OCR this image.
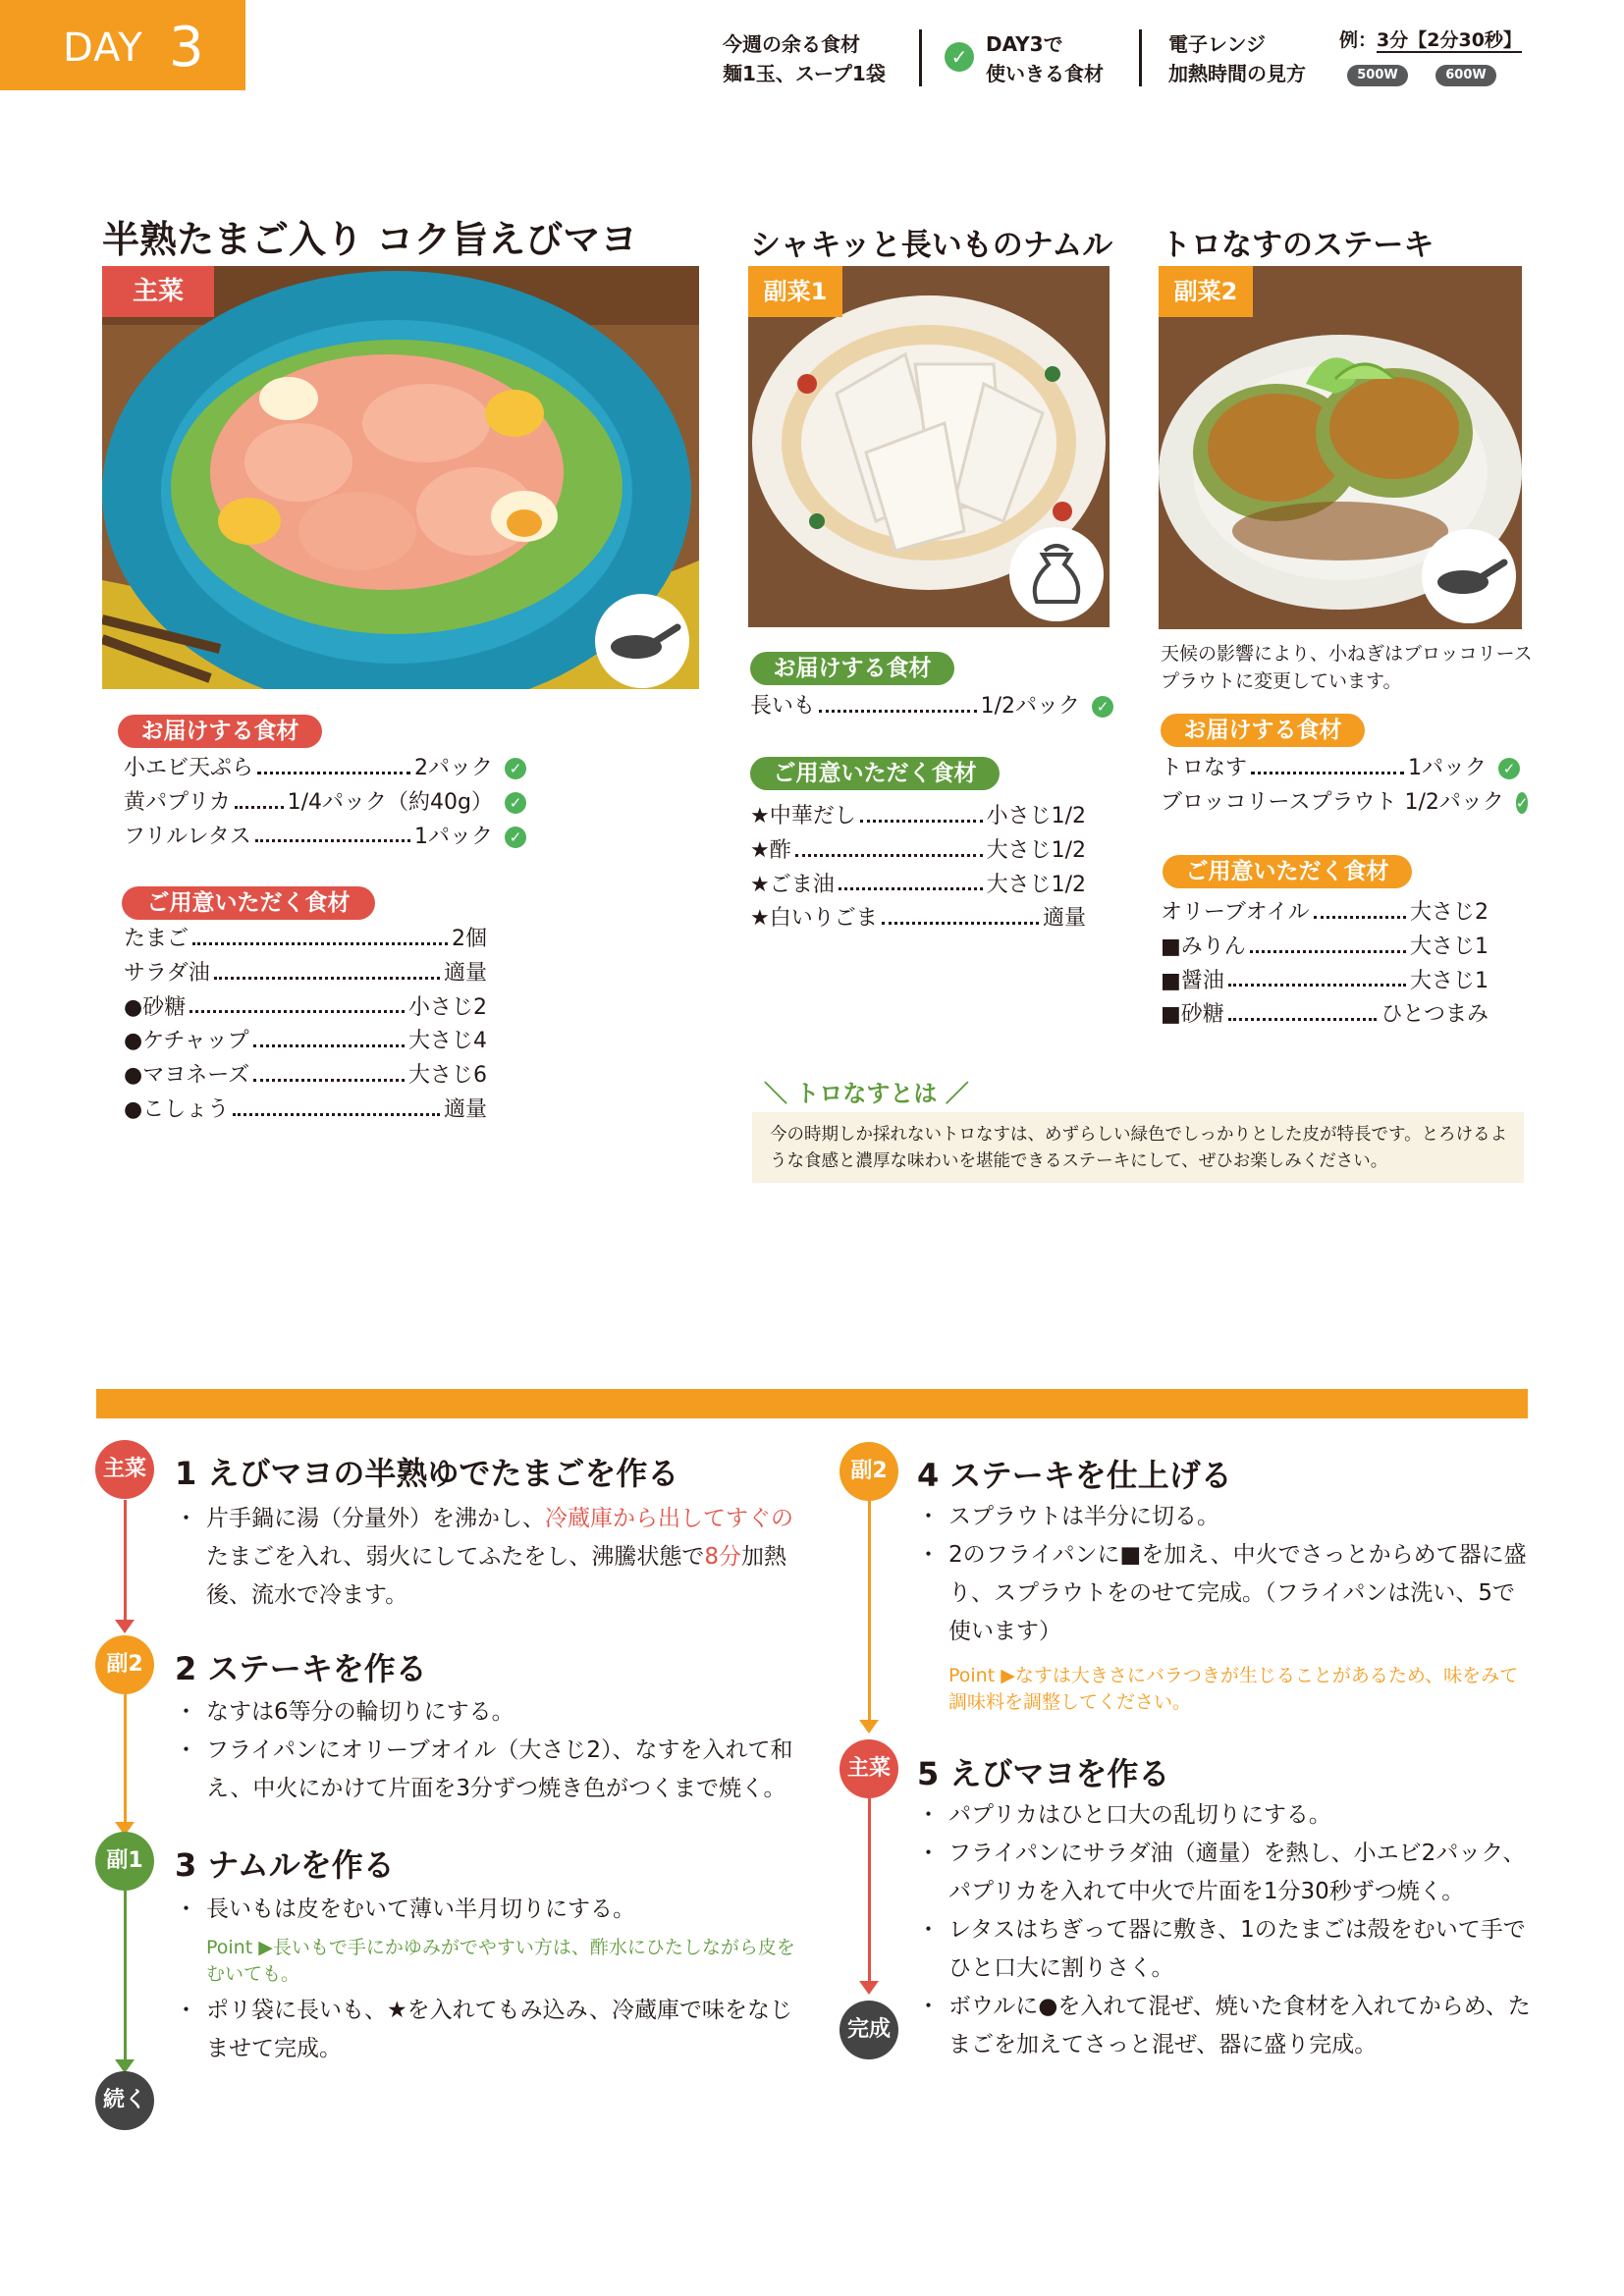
DAY 3	今週の余る食材
麺1玉、スープ1袋
✓
DAY3で
使いきる食材
電子レンジ
加熱時間の見方
例：3分【2分30秒】
500W	600W
半熟たまご入り コク旨えびマヨ	シャキッと長いものナムル トロなすのステーキ
主菜	副菜1	副菜2
お届けする食材
小エビ天ぷら	2パック	✓
黄パプリカ	1/4パック（約40g）	✓
フリルレタス	1パック	✓
ご用意いただく食材
たまご	2個
サラダ油	適量
●砂糖	小さじ2
●ケチャップ	大さじ4
●マヨネーズ	大さじ6
●こしょう	適量
お届けする食材
長いも	1/2パック	✓
ご用意いただく食材
★中華だし	小さじ1/2
★酢	大さじ1/2
★ごま油	大さじ1/2
★白いりごま	適量
天候の影響により、小ねぎはブロッコリースプラウトに変更しています。
お届けする食材
トロなす	1パック	✓
ブロッコリースプラウト 1/2パック ✓
ご用意いただく食材
オリーブオイル	大さじ2
■みりん	大さじ1
■醤油	大さじ1
■砂糖	ひとつまみ
＼ トロなすとは ／
今の時期しか採れないトロなすは、めずらしい緑色でしっかりとした皮が特長です。とろけるような食感と濃厚な味わいを堪能できるステーキにして、ぜひお楽しみください。
主菜
副2
副1
続く
副2
主菜
完成
1 えびマヨの半熟ゆでたまごを作る
・ 片手鍋に湯（分量外）を沸かし、冷蔵庫から出してすぐのたまごを入れ、弱火にしてふたをし、沸騰状態で8分加熱後、流水で冷ます。
2 ステーキを作る
・ なすは6等分の輪切りにする。
・ フライパンにオリーブオイル（大さじ2）、なすを入れて和え、中火にかけて片面を3分ずつ焼き色がつくまで焼く。
3 ナムルを作る
・ 長いもは皮をむいて薄い半月切りにする。
Point ▶長いもで手にかゆみがでやすい方は、酢水にひたしながら皮をむいても。
・ ポリ袋に長いも、★を入れてもみ込み、冷蔵庫で味をなじませて完成。
4 ステーキを仕上げる
・ スプラウトは半分に切る。
・ 2のフライパンに■を加え、中火でさっとからめて器に盛り、スプラウトをのせて完成。（フライパンは洗い、5で使います）
Point ▶なすは大きさにバラつきが生じることがあるため、味をみて調味料を調整してください。
5 えびマヨを作る
・ パプリカはひと口大の乱切りにする。
・ フライパンにサラダ油（適量）を熱し、小エビ2パック、パプリカを入れて中火で片面を1分30秒ずつ焼く。
・ レタスはちぎって器に敷き、1のたまごは殻をむいて手でひと口大に割りさく。
・ ボウルに●を入れて混ぜ、焼いた食材を入れてからめ、たまごを加えてさっと混ぜ、器に盛り完成。
